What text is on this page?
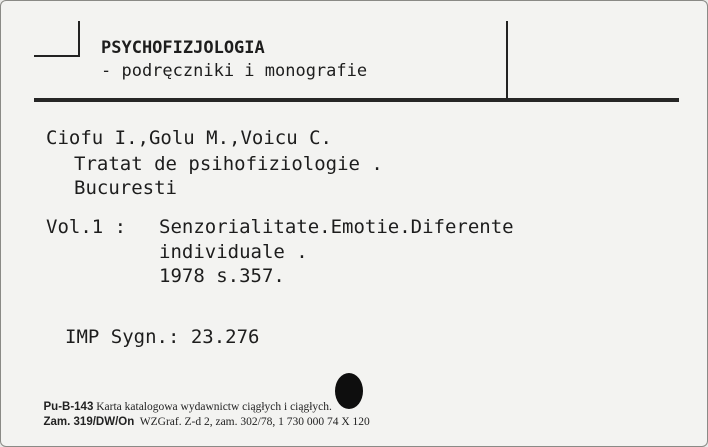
PSYCHOFIZJOLOGIA
- podręczniki i monografie
Ciofu I.,Golu M.,Voicu C.
Tratat de psihofiziologie .
Bucuresti
Vol.1 : Senzorialitate.Emotie.Diferente
individuale .
1978 s.357.
IMP Sygn.: 23.276

Pu-B-143 Karta katalogowa wydawnictw ciągłych i ciągłych.

Zam. 319/DW/On WZGraf. Z-d 2, zam. 302/78, 1 730 000 74 X 120
